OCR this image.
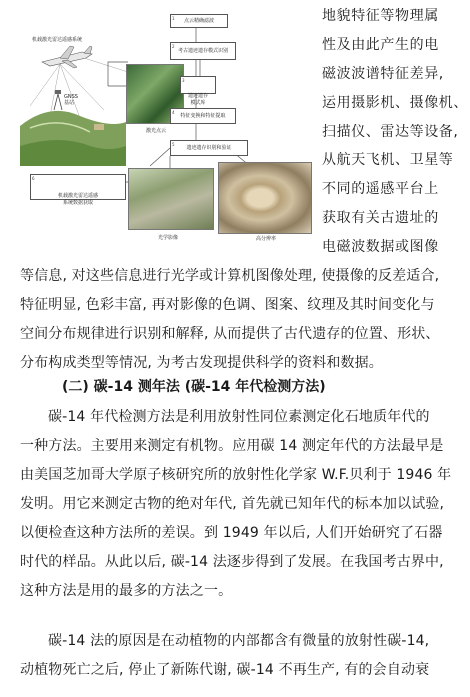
1 点云精确滤波
2
考古遗迹遗存模式识别

3

遗迹遗存
模式库

4
特征变换和特征提取
5
遗迹遗存识别和验证

6

机载激光雷达遥感
系统数据获取

机载激光雷达遥感系统
GNSS
基站
激光点云
光学影像	高分辨率
地貌特征等物理属
性及由此产生的电
磁波波谱特征差异,
运用摄影机、摄像机、
扫描仪、雷达等设备,
从航天飞机、卫星等
不同的遥感平台上
获取有关古遗址的
电磁波数据或图像
等信息, 对这些信息进行光学或计算机图像处理, 使摄像的反差适合,
特征明显, 色彩丰富, 再对影像的色调、图案、纹理及其时间变化与
空间分布规律进行识别和解释, 从而提供了古代遗存的位置、形状、
分布构成类型等情况, 为考古发现提供科学的资料和数据。
(二) 碳-14 测年法 (碳-14 年代检测方法)
碳-14 年代检测方法是利用放射性同位素测定化石地质年代的
一种方法。主要用来测定有机物。应用碳 14 测定年代的方法最早是
由美国芝加哥大学原子核研究所的放射性化学家 W.F.贝利于 1946 年
发明。用它来测定古物的绝对年代, 首先就已知年代的标本加以试验,
以便检查这种方法所的差误。到 1949 年以后, 人们开始研究了石器
时代的样品。从此以后, 碳-14 法逐步得到了发展。在我国考古界中,
这种方法是用的最多的方法之一。
碳-14 法的原因是在动植物的内部都含有微量的放射性碳-14,
动植物死亡之后, 停止了新陈代谢, 碳-14 不再生产, 有的会自动衰
